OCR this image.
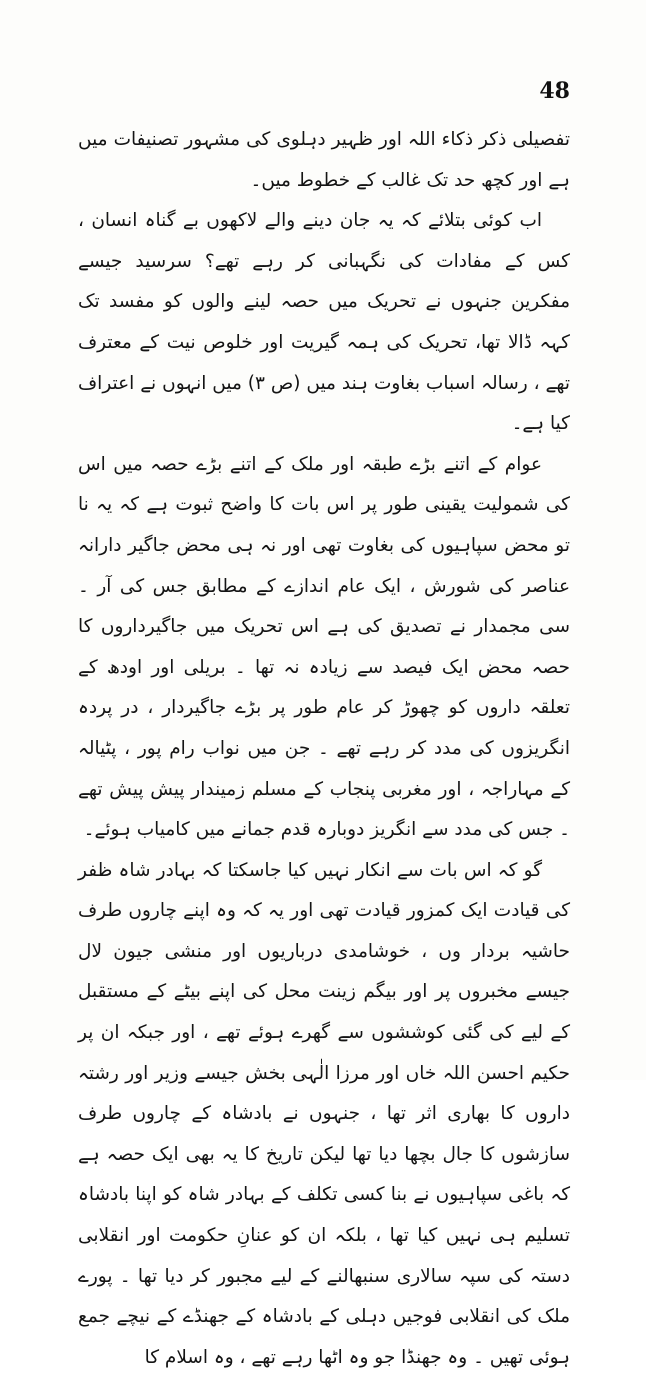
48

تفصیلی ذکر ذکاء اللہ اور ظہیر دہلوی کی مشہور تصنیفات میں ہے اور کچھ حد تک غالب کے خطوط میں۔

اب کوئی بتلائے کہ یہ جان دینے والے لاکھوں بے گناہ انسان ، کس کے مفادات کی نگہبانی کر رہے تھے؟ سرسید جیسے مفکرین جنہوں نے تحریک میں حصہ لینے والوں کو مفسد تک کہہ ڈالا تھا، تحریک کی ہمہ گیریت اور خلوص نیت کے معترف تھے ، رسالہ اسباب بغاوت ہند میں (ص ۳) میں انہوں نے اعتراف کیا ہے۔

عوام کے اتنے بڑے طبقہ اور ملک کے اتنے بڑے حصہ میں اس کی شمولیت یقینی طور پر اس بات کا واضح ثبوت ہے کہ یہ نا تو محض سپاہیوں کی بغاوت تھی اور نہ ہی محض جاگیر دارانہ عناصر کی شورش ، ایک عام اندازے کے مطابق جس کی آر ۔ سی مجمدار نے تصدیق کی ہے اس تحریک میں جاگیرداروں کا حصہ محض ایک فیصد سے زیادہ نہ تھا ۔ بریلی اور اودھ کے تعلقہ داروں کو چھوڑ کر عام طور پر بڑے جاگیردار ، در پردہ انگریزوں کی مدد کر رہے تھے ۔ جن میں نواب رام پور ، پٹیالہ کے مہاراجہ ، اور مغربی پنجاب کے مسلم زمیندار پیش پیش تھے ۔ جس کی مدد سے انگریز دوبارہ قدم جمانے میں کامیاب ہوئے۔

گو کہ اس بات سے انکار نہیں کیا جاسکتا کہ بہادر شاہ ظفر کی قیادت ایک کمزور قیادت تھی اور یہ کہ وہ اپنے چاروں طرف حاشیہ بردار وں ، خوشامدی درباریوں اور منشی جیون لال جیسے مخبروں پر اور بیگم زینت محل کی اپنے بیٹے کے مستقبل کے لیے کی گئی کوششوں سے گھرے ہوئے تھے ، اور جبکہ ان پر حکیم احسن اللہ خاں اور مرزا الٰہی بخش جیسے وزیر اور رشتہ داروں کا بھاری اثر تھا ، جنہوں نے بادشاہ کے چاروں طرف سازشوں کا جال بچھا دیا تھا لیکن تاریخ کا یہ بھی ایک حصہ ہے کہ باغی سپاہیوں نے بنا کسی تکلف کے بہادر شاہ کو اپنا بادشاہ تسلیم ہی نہیں کیا تھا ، بلکہ ان کو عنانِ حکومت اور انقلابی دستہ کی سپہ سالاری سنبھالنے کے لیے مجبور کر دیا تھا ۔ پورے ملک کی انقلابی فوجیں دہلی کے بادشاہ کے جھنڈے کے نیچے جمع ہوئی تھیں ۔ وہ جھنڈا جو وہ اٹھا رہے تھے ، وہ اسلام کا
